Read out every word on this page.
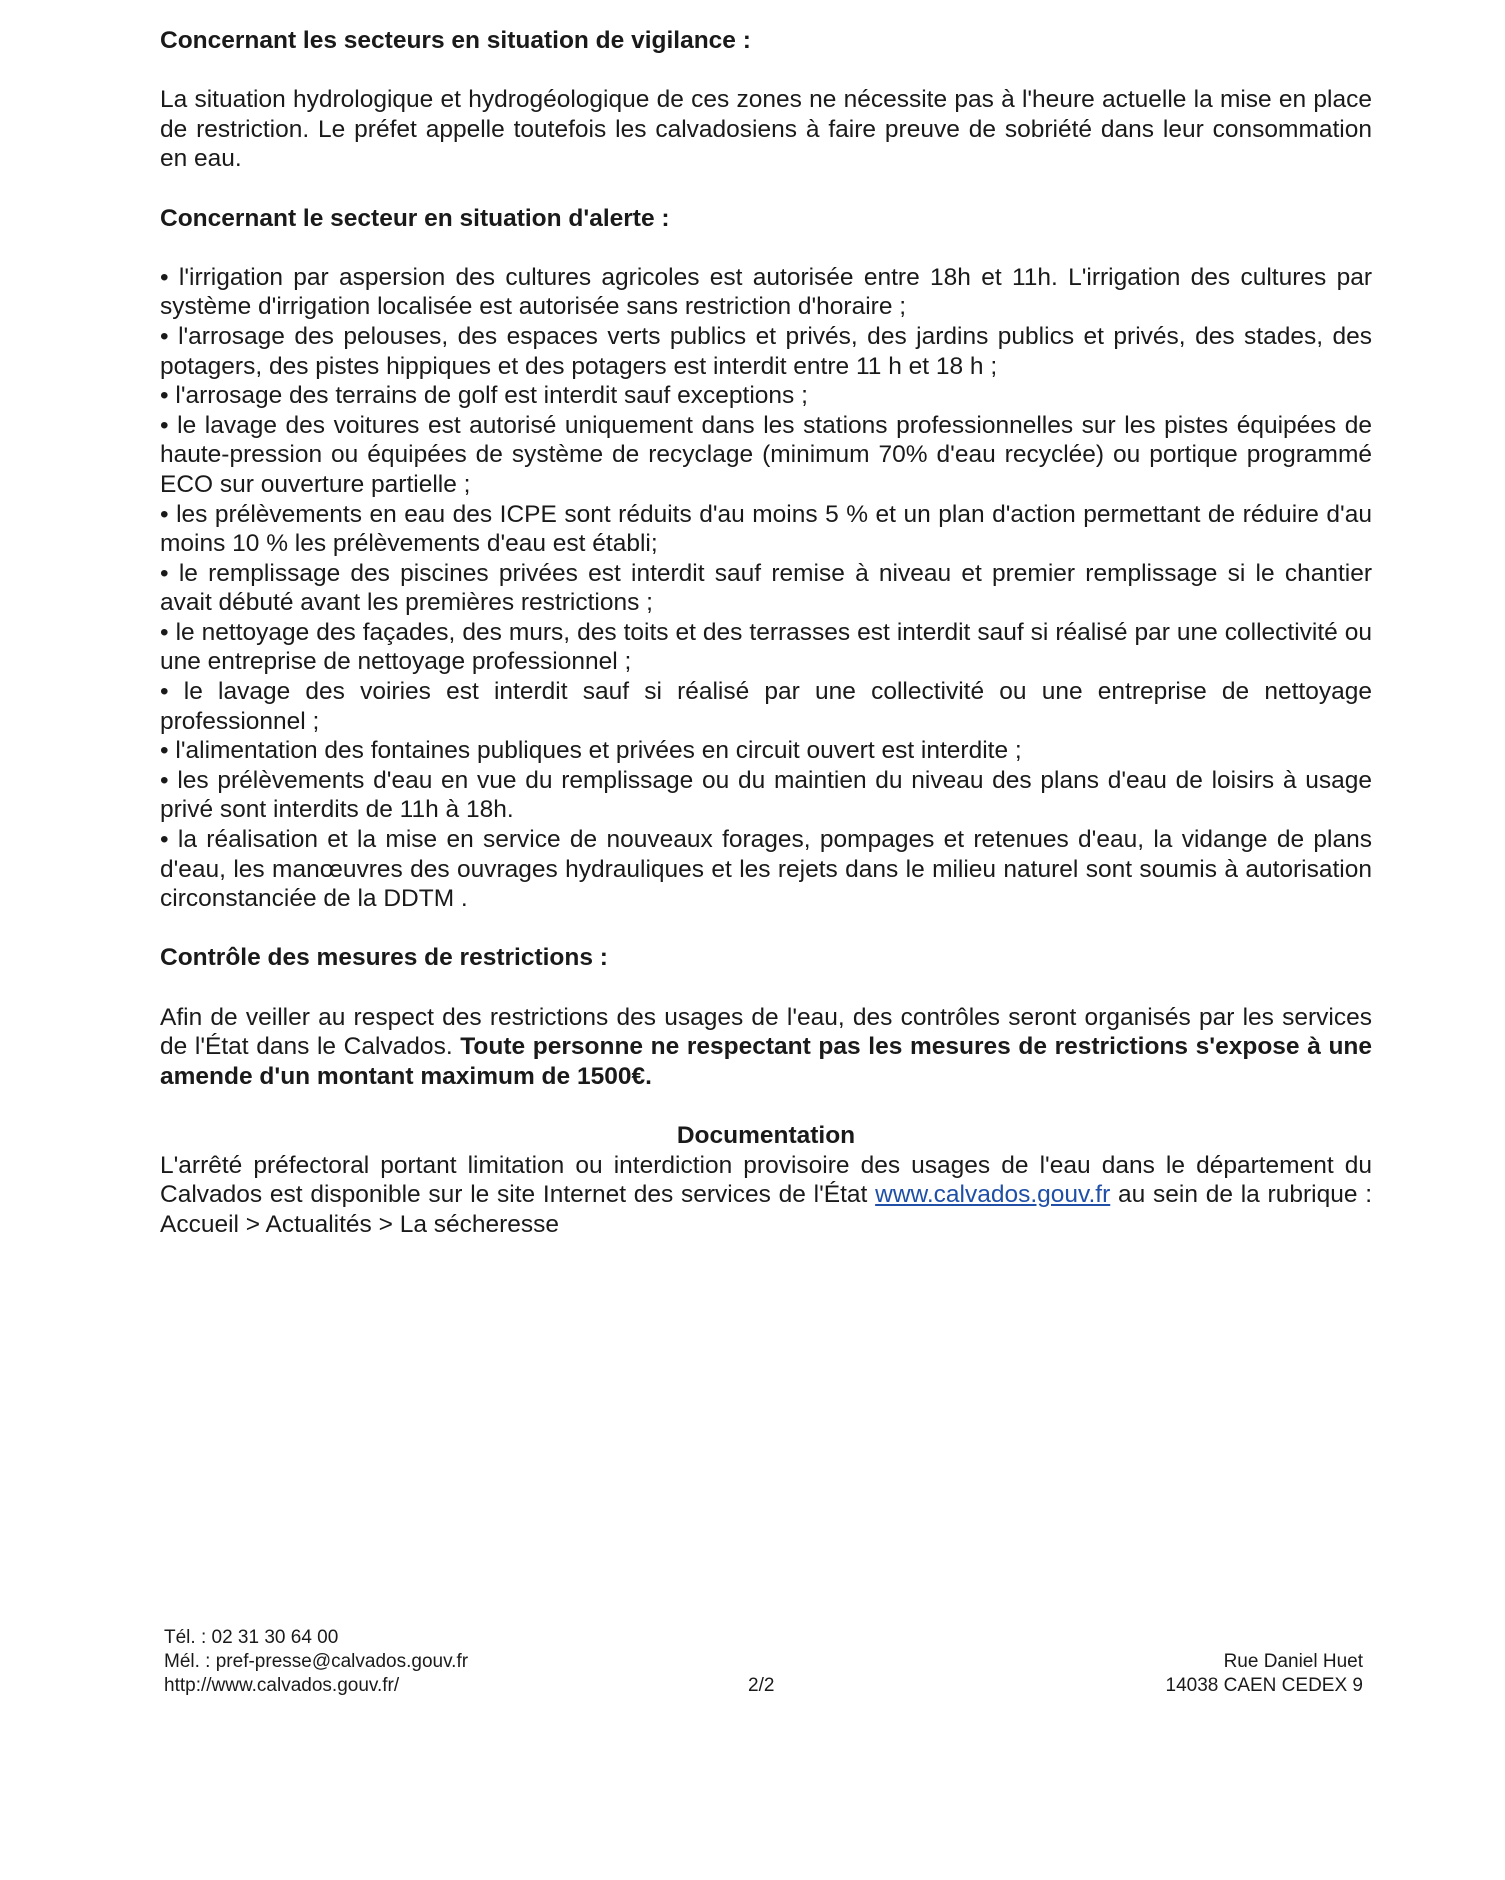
Concernant les secteurs en situation de vigilance :

La situation hydrologique et hydrogéologique de ces zones ne nécessite pas à l'heure actuelle la mise en place de restriction. Le préfet appelle toutefois les calvadosiens à faire preuve de sobriété dans leur consommation en eau.

Concernant le secteur en situation d'alerte :

• l'irrigation par aspersion des cultures agricoles est autorisée entre 18h et 11h. L'irrigation des cultures par système d'irrigation localisée est autorisée sans restriction d'horaire ;
• l'arrosage des pelouses, des espaces verts publics et privés, des jardins publics et privés, des stades, des potagers, des pistes hippiques et des potagers est interdit entre 11 h et 18 h ;
• l'arrosage des terrains de golf est interdit sauf exceptions ;
• le lavage des voitures est autorisé uniquement dans les stations professionnelles sur les pistes équipées de haute-pression ou équipées de système de recyclage (minimum 70% d'eau recyclée) ou portique programmé ECO sur ouverture partielle ;
• les prélèvements en eau des ICPE sont réduits d'au moins 5 % et un plan d'action permettant de réduire d'au moins 10 % les prélèvements d'eau est établi;
• le remplissage des piscines privées est interdit sauf remise à niveau et premier remplissage si le chantier avait débuté avant les premières restrictions ;
• le nettoyage des façades, des murs, des toits et des terrasses est interdit sauf si réalisé par une collectivité ou une entreprise de nettoyage professionnel ;
• le lavage des voiries est interdit sauf si réalisé par une collectivité ou une entreprise de nettoyage professionnel ;
• l'alimentation des fontaines publiques et privées en circuit ouvert est interdite ;
• les prélèvements d'eau en vue du remplissage ou du maintien du niveau des plans d'eau de loisirs à usage privé sont interdits de 11h à 18h.
• la réalisation et la mise en service de nouveaux forages, pompages et retenues d'eau, la vidange de plans d'eau, les manœuvres des ouvrages hydrauliques et les rejets dans le milieu naturel sont soumis à autorisation circonstanciée de la DDTM .

Contrôle des mesures de restrictions :

Afin de veiller au respect des restrictions des usages de l'eau, des contrôles seront organisés par les services de l'État dans le Calvados. Toute personne ne respectant pas les mesures de restrictions s'expose à une amende d'un montant maximum de 1500€.

Documentation

L'arrêté préfectoral portant limitation ou interdiction provisoire des usages de l'eau dans le département du Calvados est disponible sur le site Internet des services de l'État www.calvados.gouv.fr au sein de la rubrique : Accueil > Actualités > La sécheresse

Tél. : 02 31 30 64 00
Mél. : pref-presse@calvados.gouv.fr
http://www.calvados.gouv.fr/	2/2
Rue Daniel Huet
14038 CAEN CEDEX 9
